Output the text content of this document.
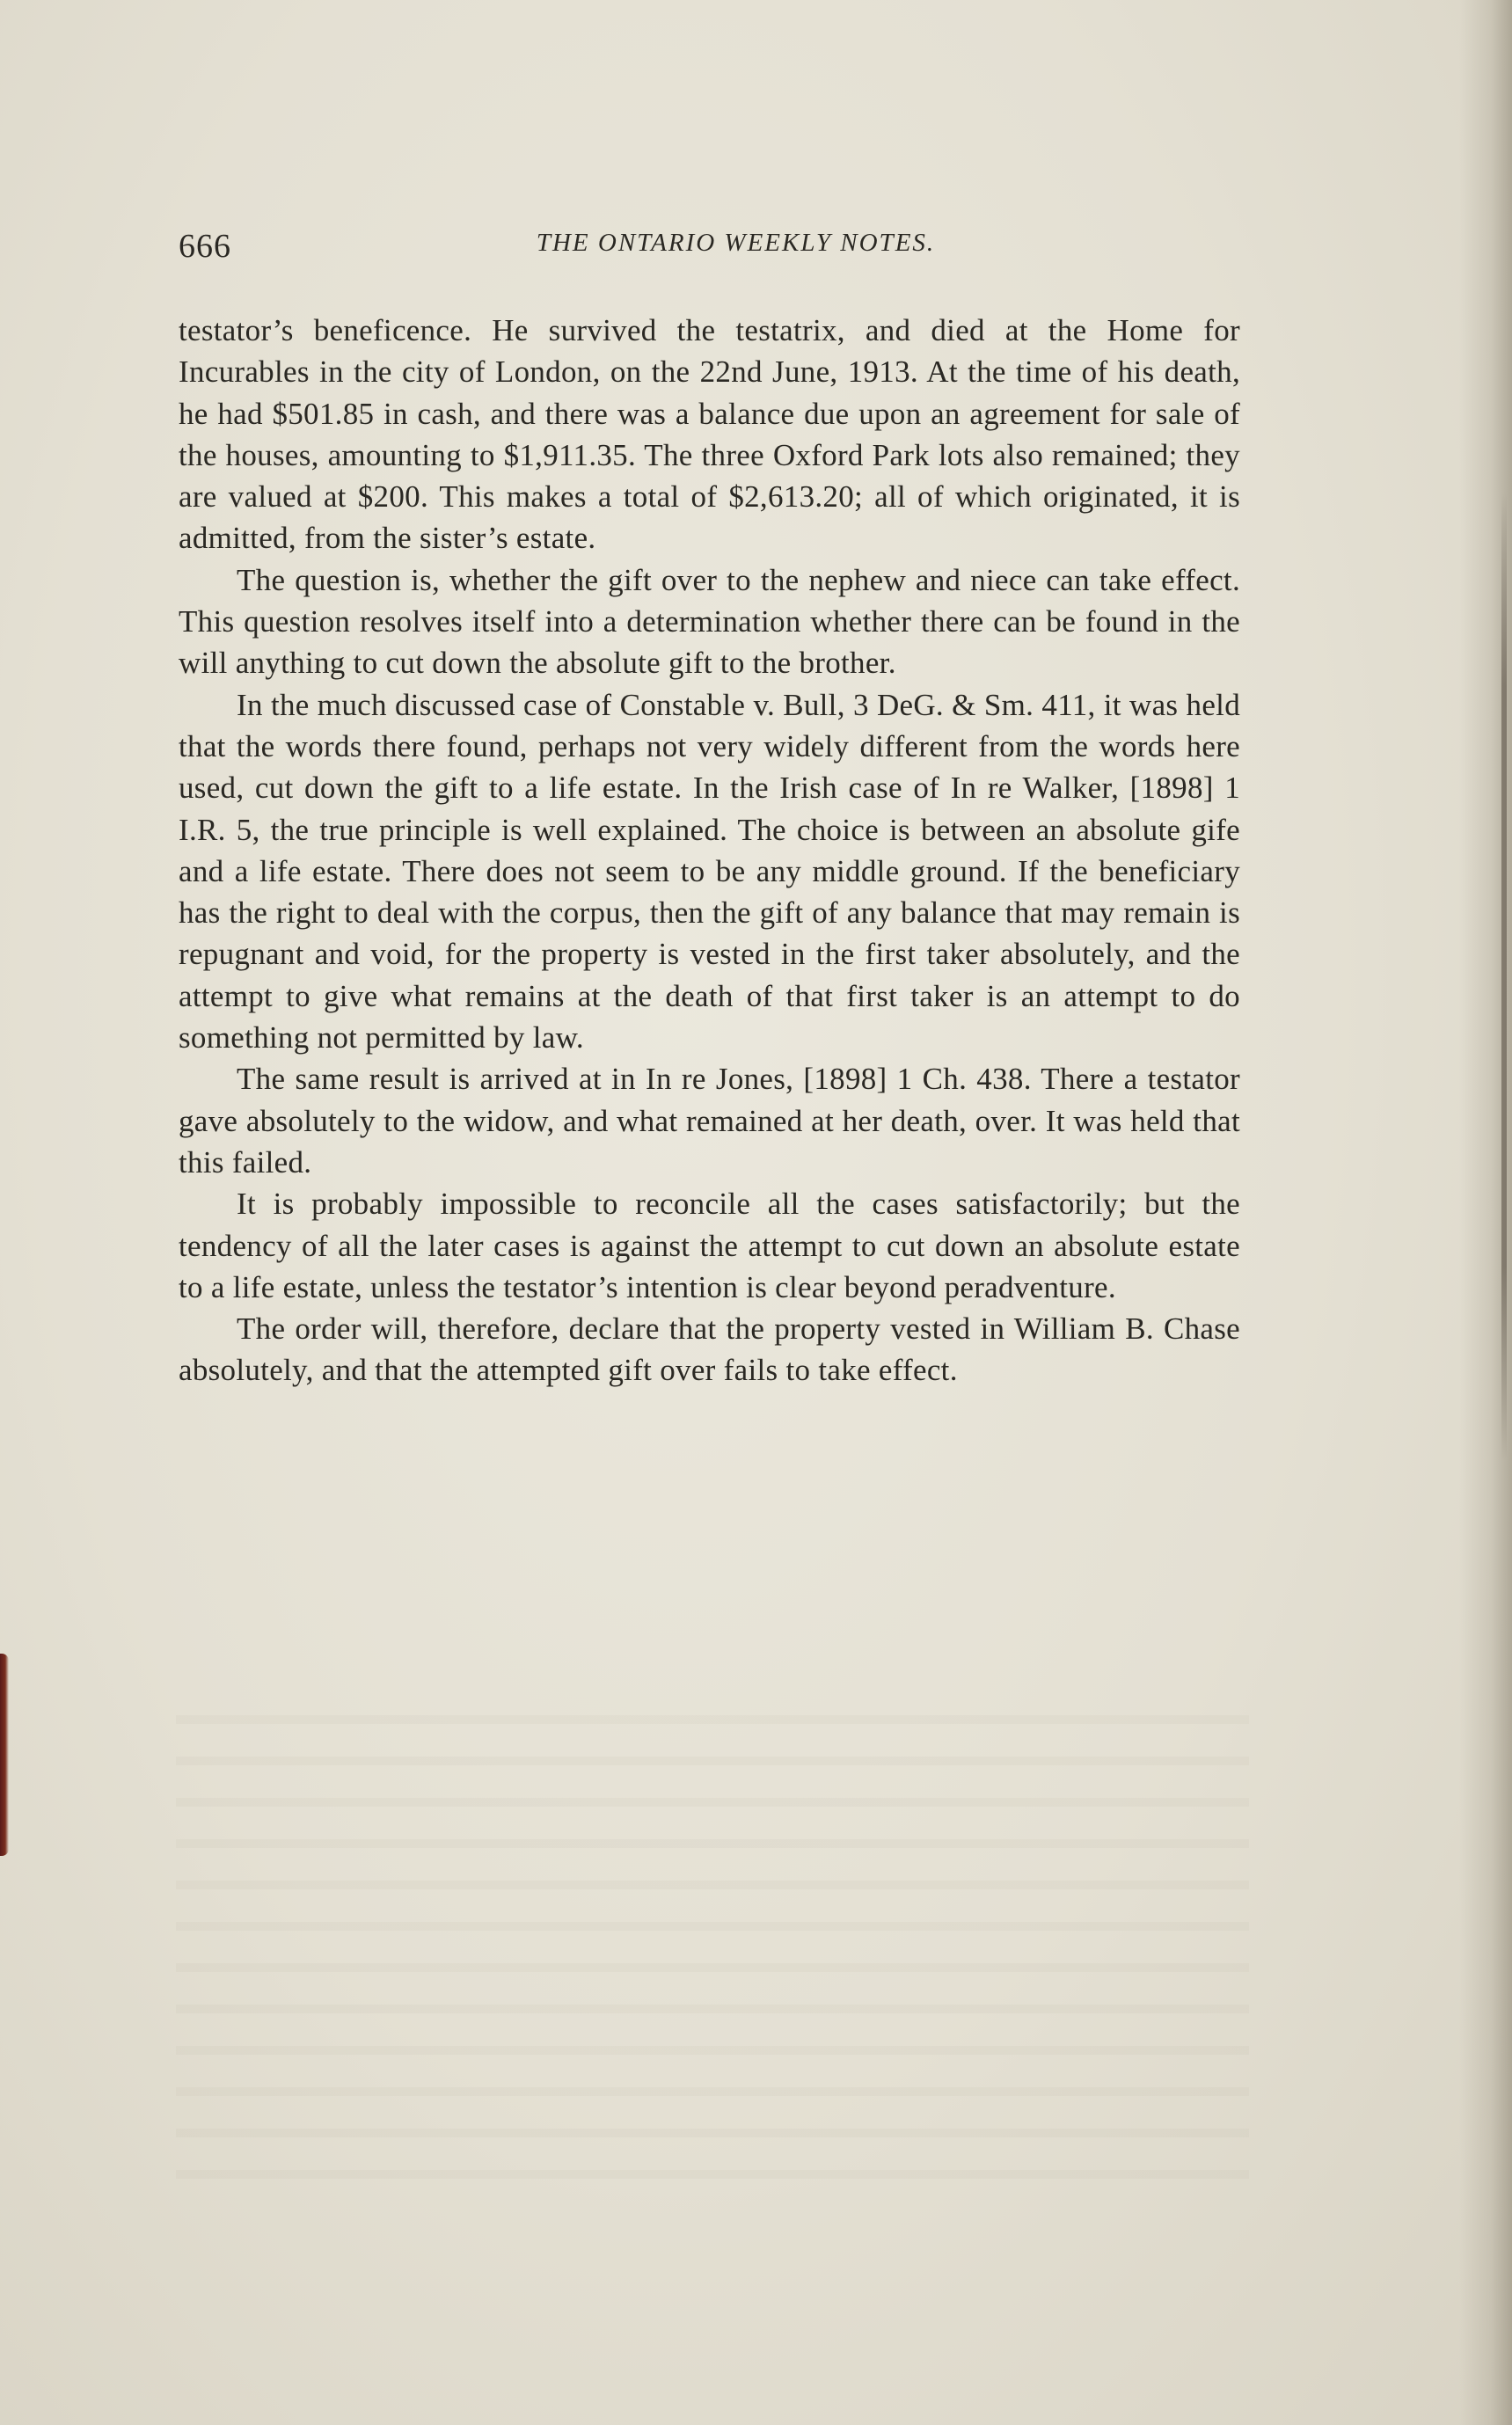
666	THE ONTARIO WEEKLY NOTES.

testator’s beneficence. He survived the testatrix, and died at the Home for Incurables in the city of London, on the 22nd June, 1913. At the time of his death, he had $501.85 in cash, and there was a balance due upon an agreement for sale of the houses, amounting to $1,911.35. The three Oxford Park lots also remained; they are valued at $200. This makes a total of $2,613.20; all of which originated, it is admitted, from the sister’s estate.

The question is, whether the gift over to the nephew and niece can take effect. This question resolves itself into a determination whether there can be found in the will anything to cut down the absolute gift to the brother.

In the much discussed case of Constable v. Bull, 3 DeG. & Sm. 411, it was held that the words there found, perhaps not very widely different from the words here used, cut down the gift to a life estate. In the Irish case of In re Walker, [1898] 1 I.R. 5, the true principle is well explained. The choice is between an absolute gife and a life estate. There does not seem to be any middle ground. If the beneficiary has the right to deal with the corpus, then the gift of any balance that may remain is repugnant and void, for the property is vested in the first taker absolutely, and the attempt to give what remains at the death of that first taker is an attempt to do something not permitted by law.

The same result is arrived at in In re Jones, [1898] 1 Ch. 438. There a testator gave absolutely to the widow, and what remained at her death, over. It was held that this failed.

It is probably impossible to reconcile all the cases satisfactorily; but the tendency of all the later cases is against the attempt to cut down an absolute estate to a life estate, unless the testator’s intention is clear beyond peradventure.

The order will, therefore, declare that the property vested in William B. Chase absolutely, and that the attempted gift over fails to take effect.
